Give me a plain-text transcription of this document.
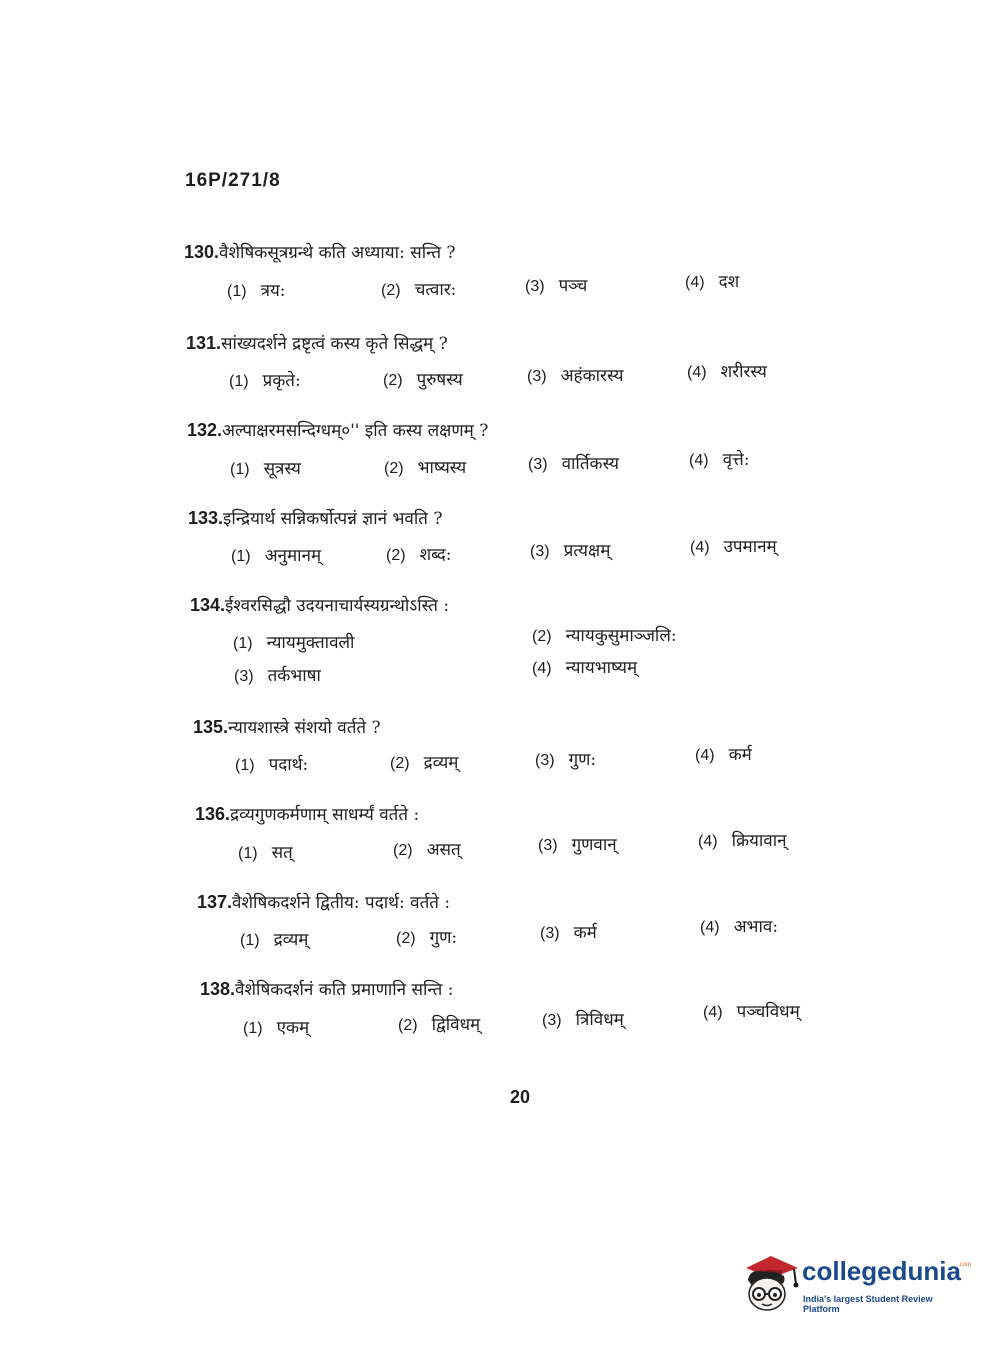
16P/271/8
130.वैशेषिकसूत्रग्रन्थे कति अध्याया: सन्ति ?
(1) त्रय:	(2) चत्वार:	(3) पञ्च	(4) दश
131.सांख्यदर्शने द्रष्टृत्वं कस्य कृते सिद्धम् ?
(1) प्रकृते:	(2) पुरुषस्य	(3) अहंकारस्य	(4) शरीरस्य
132.अल्पाक्षरमसन्दिग्धम्०'' इति कस्य लक्षणम् ?
(1) सूत्रस्य	(2) भाष्यस्य	(3) वार्तिकस्य	(4) वृत्ते:
133.इन्द्रियार्थ सन्निकर्षोत्पन्नं ज्ञानं भवति ?
(1) अनुमानम्	(2) शब्द:	(3) प्रत्यक्षम्	(4) उपमानम्
134.ईश्वरसिद्धौ उदयनाचार्यस्यग्रन्थोऽस्ति :
(1) न्यायमुक्तावली	(2) न्यायकुसुमाञ्जलि:
(3) तर्कभाषा	(4) न्यायभाष्यम्
135.न्यायशास्त्रे संशयो वर्तते ?
(1) पदार्थ:	(2) द्रव्यम्	(3) गुण:	(4) कर्म
136.द्रव्यगुणकर्मणाम् साधर्म्यं वर्तते :
(1) सत्	(2) असत्	(3) गुणवान्	(4) क्रियावान्
137.वैशेषिकदर्शने द्वितीय: पदार्थ: वर्तते :
(1) द्रव्यम्	(2) गुण:	(3) कर्म	(4) अभाव:
138.वैशेषिकदर्शनं कति प्रमाणानि सन्ति :
(1) एकम्	(2) द्विविधम्	(3) त्रिविधम्	(4) पञ्चविधम्
20
collegedunia
.com
India's largest Student Review Platform
